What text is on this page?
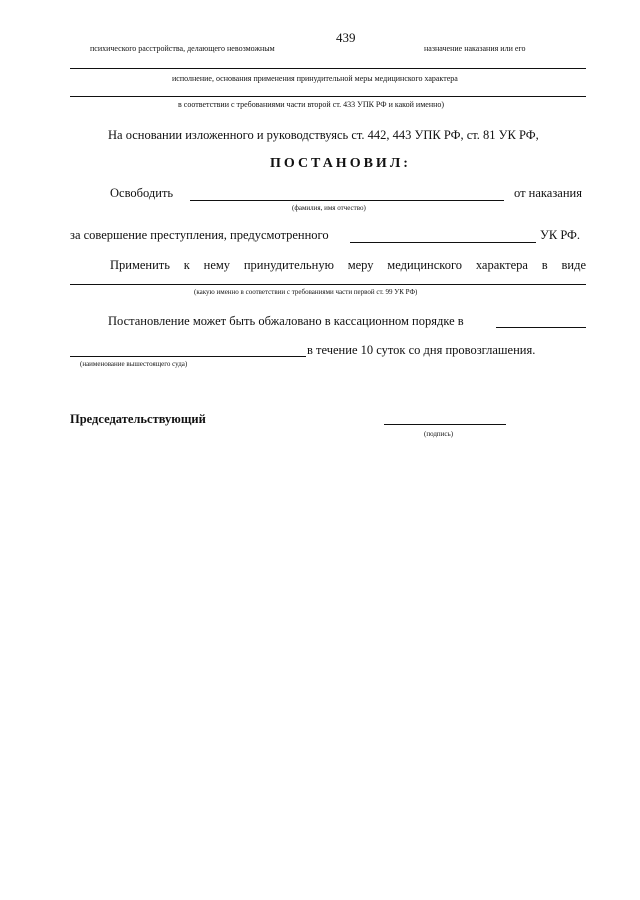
439
психического расстройства, делающего невозможным	назначение наказания или его
исполнение, основания применения принудительной меры медицинского характера
в соответствии с требованиями части второй ст. 433 УПК РФ и какой именно)
На основании изложенного и руководствуясь ст. 442, 443 УПК РФ, ст. 81 УК РФ,
ПОСТАНОВИЛ:
Освободить	от наказания
(фамилия, имя отчество)
за совершение преступления, предусмотренного	УК РФ.
Применить к нему принудительную меру медицинского характера в виде
(какую именно в соответствии с требованиями части первой ст. 99 УК РФ)
Постановление может быть обжаловано в кассационном порядке в
в течение 10 суток со дня провозглашения.
(наименование вышестоящего суда)
Председательствующий
(подпись)
